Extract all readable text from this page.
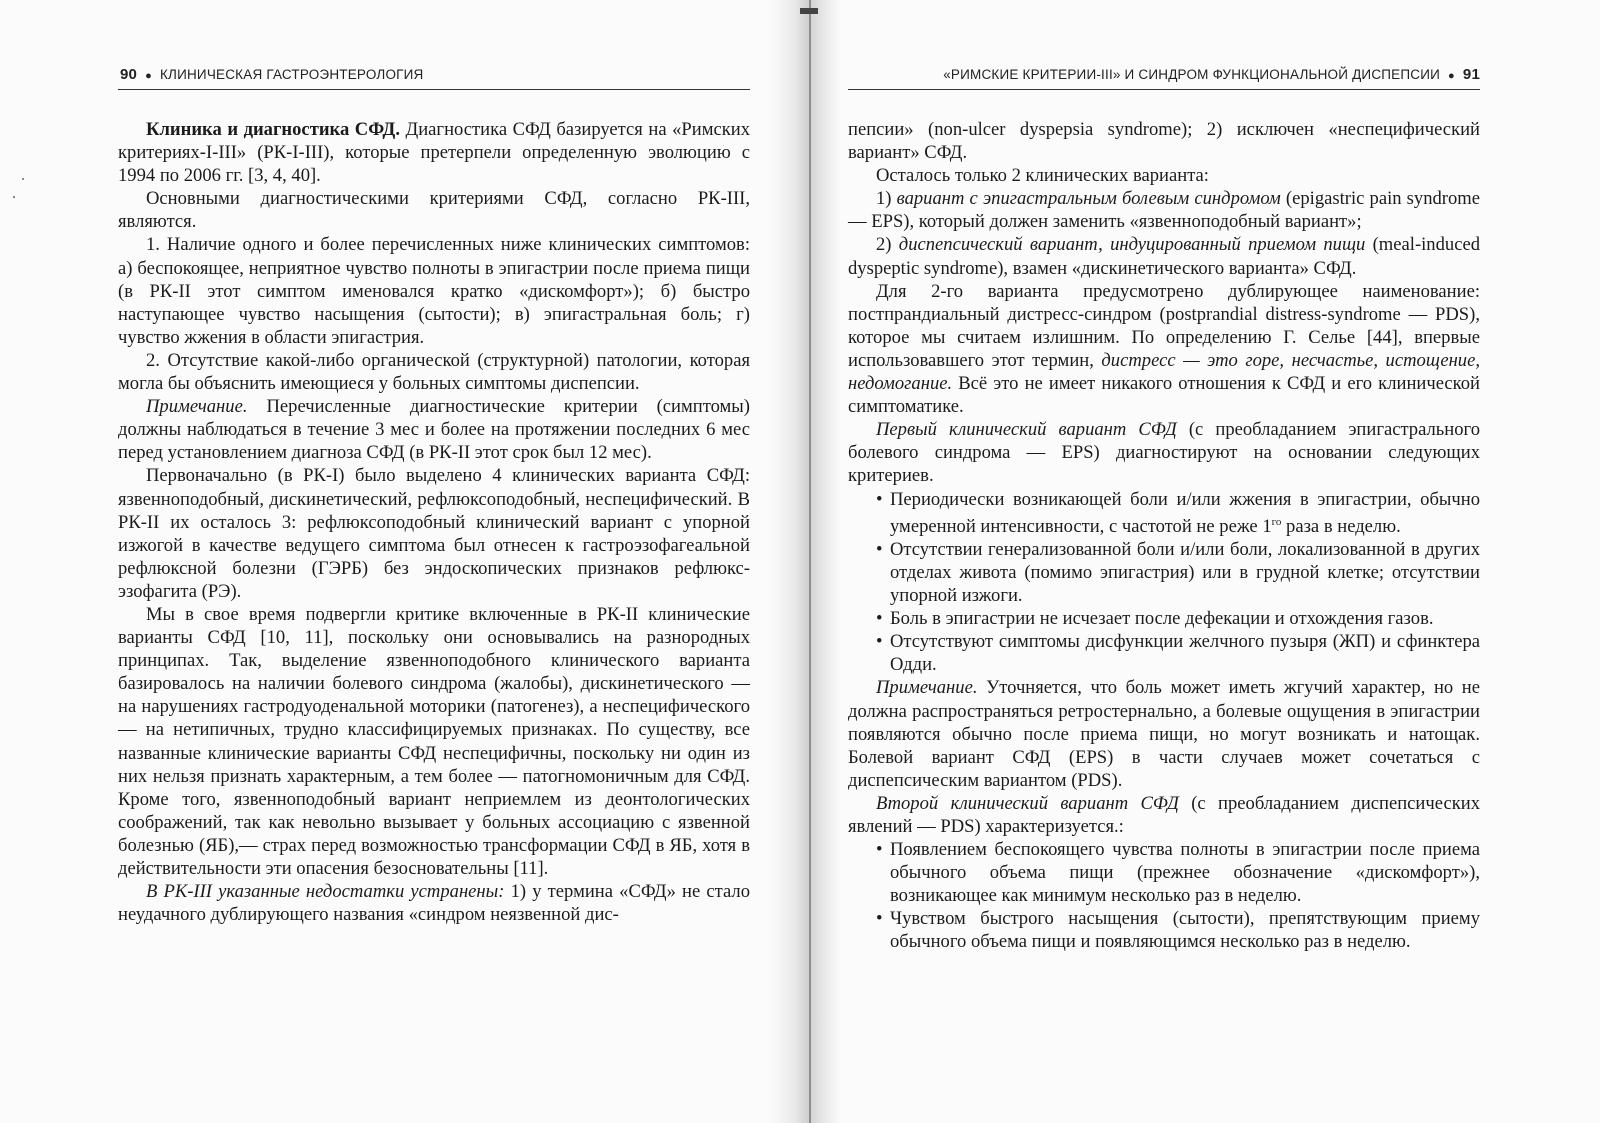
90 ● КЛИНИЧЕСКАЯ ГАСТРОЭНТЕРОЛОГИЯ

Клиника и диагностика СФД. Диагностика СФД базируется на «Римских критериях-I-III» (РК-I-III), которые претерпели определенную эволюцию с 1994 по 2006 гг. [3, 4, 40].

Основными диагностическими критериями СФД, согласно РК-III, являются.

1. Наличие одного и более перечисленных ниже клинических симптомов: а) беспокоящее, неприятное чувство полноты в эпигастрии после приема пищи (в РК-II этот симптом именовался кратко «дискомфорт»); б) быстро наступающее чувство насыщения (сытости); в) эпигастральная боль; г) чувство жжения в области эпигастрия.

2. Отсутствие какой-либо органической (структурной) патологии, которая могла бы объяснить имеющиеся у больных симптомы диспепсии.

Примечание. Перечисленные диагностические критерии (симптомы) должны наблюдаться в течение 3 мес и более на протяжении последних 6 мес перед установлением диагноза СФД (в РК-II этот срок был 12 мес).

Первоначально (в РК-I) было выделено 4 клинических варианта СФД: язвенноподобный, дискинетический, рефлюксоподобный, неспецифический. В РК-II их осталось 3: рефлюксоподобный клинический вариант с упорной изжогой в качестве ведущего симптома был отнесен к гастроэзофагеальной рефлюксной болезни (ГЭРБ) без эндоскопических признаков рефлюкс-эзофагита (РЭ).

Мы в свое время подвергли критике включенные в РК-II клинические варианты СФД [10, 11], поскольку они основывались на разнородных принципах. Так, выделение язвенноподобного клинического варианта базировалось на наличии болевого синдрома (жалобы), дискинетического — на нарушениях гастродуоденальной моторики (патогенез), а неспецифического — на нетипичных, трудно классифицируемых признаках. По существу, все названные клинические варианты СФД неспецифичны, поскольку ни один из них нельзя признать характерным, а тем более — патогномоничным для СФД. Кроме того, язвенноподобный вариант неприемлем из деонтологических соображений, так как невольно вызывает у больных ассоциацию с язвенной болезнью (ЯБ),— страх перед возможностью трансформации СФД в ЯБ, хотя в действительности эти опасения безосновательны [11].

В РК-III указанные недостатки устранены: 1) у термина «СФД» не стало неудачного дублирующего названия «синдром неязвенной дис-

«РИМСКИЕ КРИТЕРИИ-III» И СИНДРОМ ФУНКЦИОНАЛЬНОЙ ДИСПЕПСИИ ● 91

пепсии» (non-ulcer dyspepsia syndrome); 2) исключен «неспецифический вариант» СФД.

Осталось только 2 клинических варианта:

1) вариант с эпигастральным болевым синдромом (epigastric pain syndrome — EPS), который должен заменить «язвенноподобный вариант»;

2) диспепсический вариант, индуцированный приемом пищи (meal-induced dyspeptic syndrome), взамен «дискинетического варианта» СФД.

Для 2-го варианта предусмотрено дублирующее наименование: постпрандиальный дистресс-синдром (postprandial distress-syndrome — PDS), которое мы считаем излишним. По определению Г. Селье [44], впервые использовавшего этот термин, дистресс — это горе, несчастье, истощение, недомогание. Всё это не имеет никакого отношения к СФД и его клинической симптоматике.

Первый клинический вариант СФД (с преобладанием эпигастрального болевого синдрома — EPS) диагностируют на основании следующих критериев.

• Периодически возникающей боли и/или жжения в эпигастрии, обычно умеренной интенсивности, с частотой не реже $1^{го}$ раза в неделю.
• Отсутствии генерализованной боли и/или боли, локализованной в других отделах живота (помимо эпигастрия) или в грудной клетке; отсутствии упорной изжоги.
• Боль в эпигастрии не исчезает после дефекации и отхождения газов.
• Отсутствуют симптомы дисфункции желчного пузыря (ЖП) и сфинктера Одди.

Примечание. Уточняется, что боль может иметь жгучий характер, но не должна распространяться ретростернально, а болевые ощущения в эпигастрии появляются обычно после приема пищи, но могут возникать и натощак. Болевой вариант СФД (EPS) в части случаев может сочетаться с диспепсическим вариантом (PDS).

Второй клинический вариант СФД (с преобладанием диспепсических явлений — PDS) характеризуется.:

• Появлением беспокоящего чувства полноты в эпигастрии после приема обычного объема пищи (прежнее обозначение «дискомфорт»), возникающее как минимум несколько раз в неделю.
• Чувством быстрого насыщения (сытости), препятствующим приему обычного объема пищи и появляющимся несколько раз в неделю.
